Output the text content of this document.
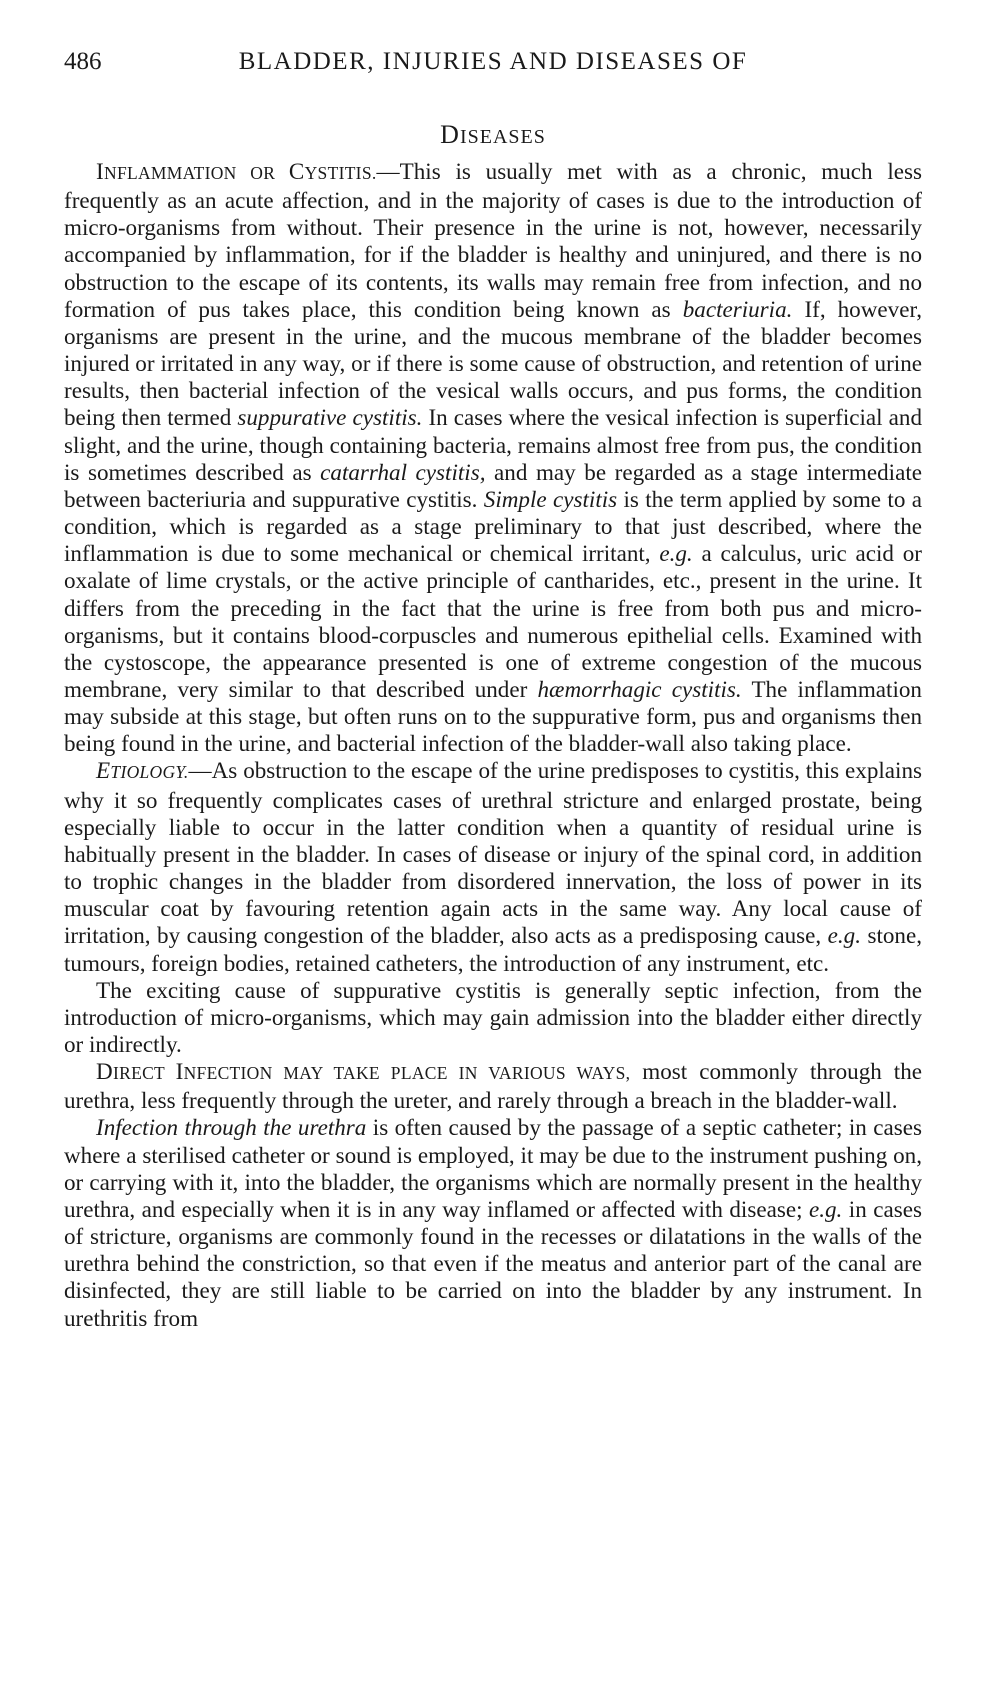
486	BLADDER, INJURIES AND DISEASES OF
DISEASES

INFLAMMATION OR CYSTITIS.—This is usually met with as a chronic, much less frequently as an acute affection, and in the majority of cases is due to the introduction of micro-organisms from without. Their presence in the urine is not, however, necessarily accompanied by inflammation, for if the bladder is healthy and uninjured, and there is no obstruction to the escape of its contents, its walls may remain free from infection, and no formation of pus takes place, this condition being known as bacteriuria. If, however, organisms are present in the urine, and the mucous membrane of the bladder becomes injured or irritated in any way, or if there is some cause of obstruction, and retention of urine results, then bacterial infection of the vesical walls occurs, and pus forms, the condition being then termed suppurative cystitis. In cases where the vesical infection is superficial and slight, and the urine, though containing bacteria, remains almost free from pus, the condition is sometimes described as catarrhal cystitis, and may be regarded as a stage intermediate between bacteriuria and suppurative cystitis. Simple cystitis is the term applied by some to a condition, which is regarded as a stage preliminary to that just described, where the inflammation is due to some mechanical or chemical irritant, e.g. a calculus, uric acid or oxalate of lime crystals, or the active principle of cantharides, etc., present in the urine. It differs from the preceding in the fact that the urine is free from both pus and micro-organisms, but it contains blood-corpuscles and numerous epithelial cells. Examined with the cystoscope, the appearance presented is one of extreme congestion of the mucous membrane, very similar to that described under hæmorrhagic cystitis. The inflammation may subside at this stage, but often runs on to the suppurative form, pus and organisms then being found in the urine, and bacterial infection of the bladder-wall also taking place.

ETIOLOGY.—As obstruction to the escape of the urine predisposes to cystitis, this explains why it so frequently complicates cases of urethral stricture and enlarged prostate, being especially liable to occur in the latter condition when a quantity of residual urine is habitually present in the bladder. In cases of disease or injury of the spinal cord, in addition to trophic changes in the bladder from disordered innervation, the loss of power in its muscular coat by favouring retention again acts in the same way. Any local cause of irritation, by causing congestion of the bladder, also acts as a predisposing cause, e.g. stone, tumours, foreign bodies, retained catheters, the introduction of any instrument, etc.

The exciting cause of suppurative cystitis is generally septic infection, from the introduction of micro-organisms, which may gain admission into the bladder either directly or indirectly.

DIRECT INFECTION MAY TAKE PLACE IN VARIOUS WAYS, most commonly through the urethra, less frequently through the ureter, and rarely through a breach in the bladder-wall.

Infection through the urethra is often caused by the passage of a septic catheter; in cases where a sterilised catheter or sound is employed, it may be due to the instrument pushing on, or carrying with it, into the bladder, the organisms which are normally present in the healthy urethra, and especially when it is in any way inflamed or affected with disease; e.g. in cases of stricture, organisms are commonly found in the recesses or dilatations in the walls of the urethra behind the constriction, so that even if the meatus and anterior part of the canal are disinfected, they are still liable to be carried on into the bladder by any instrument. In urethritis from
